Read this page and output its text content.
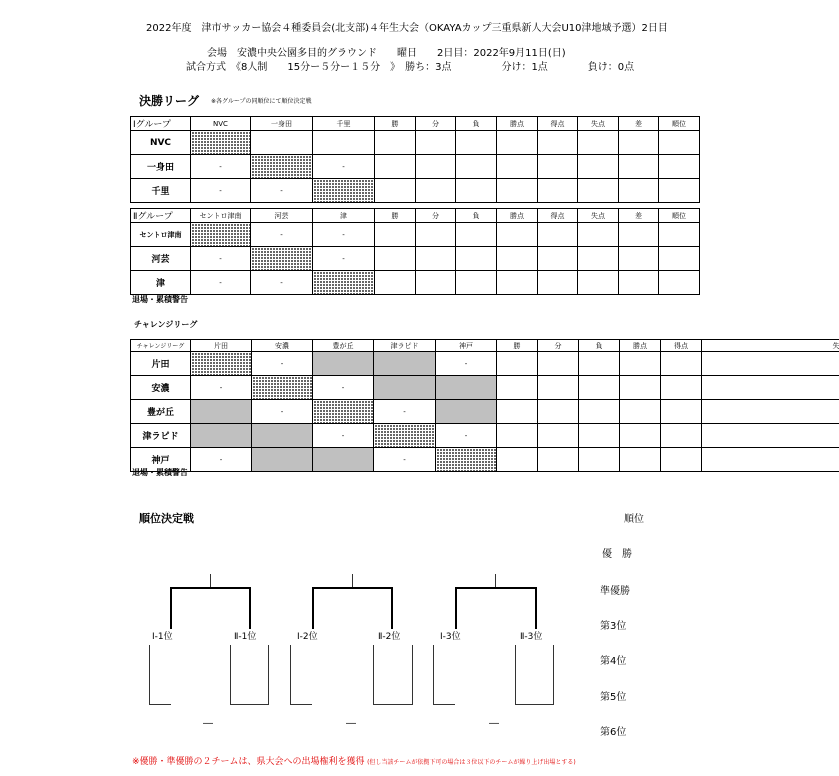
2022年度　津市サッカー協会４種委員会(北支部)４年生大会（OKAYAカップ三重県新人大会U10津地域予選）2日目
会場　安濃中央公園多目的グラウンド　　曜日　　2日目：2022年9月11日(日)
試合方式　《8人制　　15分ー５分ー１５分　》　勝ち：3点　　　　　分け：1点　　　　負け：0点
決勝リーグ ※各グループの同順位にて順位決定戦
Ⅰグループ	NVC	一身田	千里	勝	分	負	勝点	得点	失点	差	順位
NVC											
一身田	-		-								
千里	-	-									
Ⅱグループ	セントロ津南	河芸	津	勝	分	負	勝点	得点	失点	差	順位
セントロ津南		-	-								
河芸	-		-								
津	-	-									
退場・累積警告
チャレンジリーグ
チャレンジリーグ	片田	安濃	豊が丘	津ラピド	神戸	勝	分	負	勝点	得点	失
片田		-			-						
安濃	-		-								
豊が丘		-		-							
津ラピド			-		-						
神戸	-			-							
退場・累積警告
順位決定戦	順位
優　勝
準優勝
第3位
第4位
第5位
第6位
Ⅰ-1位	Ⅱ-1位
―
Ⅰ-2位	Ⅱ-2位
―
Ⅰ-3位	Ⅱ-3位
―
※優勝・準優勝の２チームは、県大会への出場権利を獲得 (但し当該チームが依拠下可の場合は３位以下のチームが繰り上げ出場とする)
